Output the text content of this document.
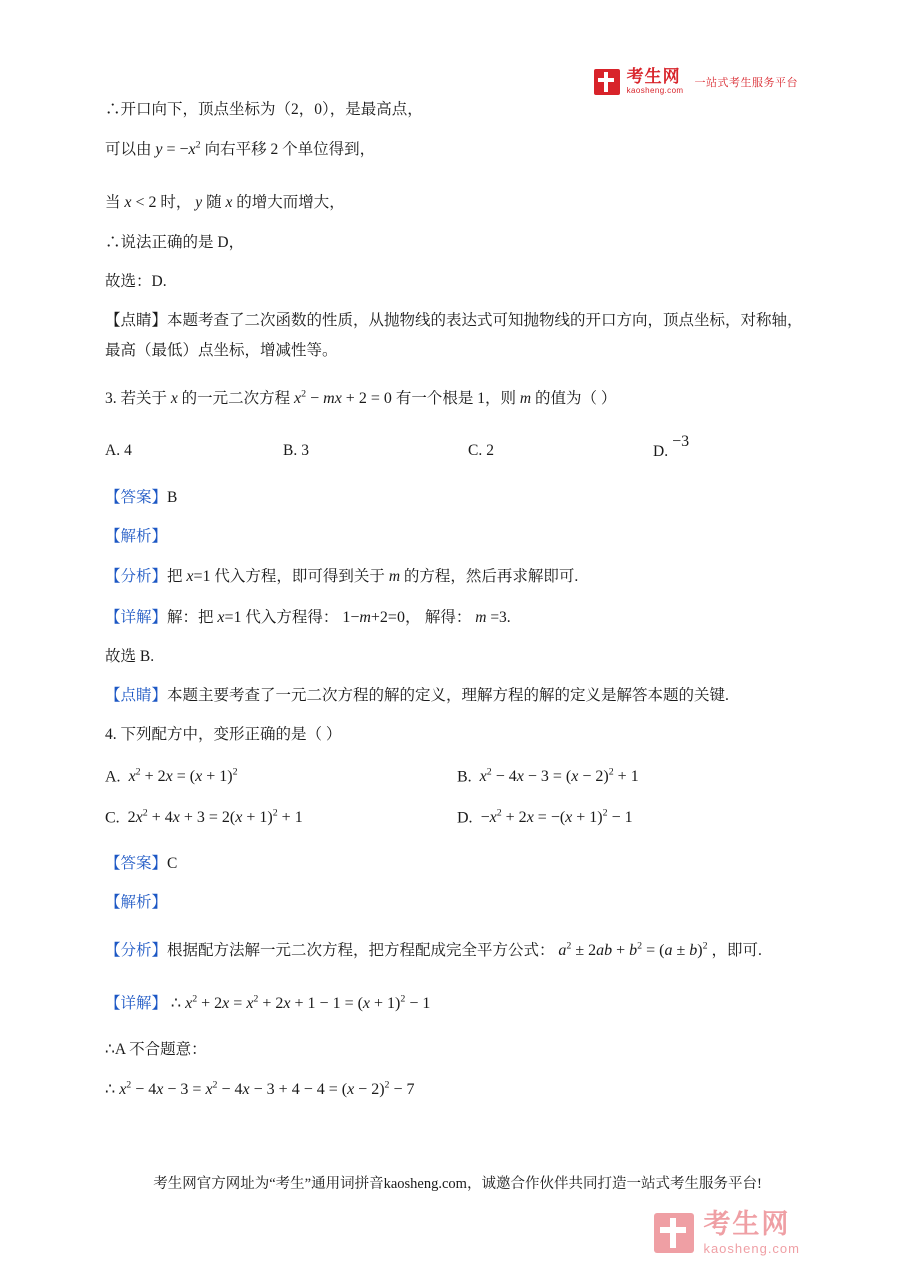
考生网
kaosheng.com
一站式考生服务平台

∴开口向下，顶点坐标为（2，0），是最高点，

可以由 $y = -x^2$ 向右平移 2 个单位得到，

当 x < 2 时， y 随 x 的增大而增大，

∴说法正确的是 D，

故选：D.

【点睛】本题考查了二次函数的性质，从抛物线的表达式可知抛物线的开口方向，顶点坐标，对称轴，最高（最低）点坐标，增减性等。

3. 若关于 x 的一元二次方程 $x^2$ − mx + 2 = 0 有一个根是 1，则 m 的值为（ ）

A. 4	B. 3	C. 2	D. −3

【答案】B

【解析】

【分析】把 x=1 代入方程，即可得到关于 m 的方程，然后再求解即可.

【详解】解：把 x=1 代入方程得： 1−m+2=0， 解得： m =3.

故选 B.

【点睛】本题主要考查了一元二次方程的解的定义，理解方程的解的定义是解答本题的关键.

4. 下列配方中，变形正确的是（ ）

A. $x^2 + 2x = (x + 1)^2$	B. $x^2 - 4x - 3 = (x - 2)^2 + 1$
C.  $2x^2 + 4x + 3 = 2(x + 1)^2 + 1$	D.  $-x^2 + 2x = -(x + 1)^2 - 1$

【答案】C

【解析】

【分析】根据配方法解一元二次方程，把方程配成完全平方公式： $a^2 \pm 2ab + b^2 = (a \pm b)^2$ ，即可.

【详解】 ∴ $x^2 + 2x = x^2 + 2x + 1 - 1 = (x + 1)^2 - 1$

∴A 不合题意：

∴ $x^2 - 4x - 3 = x^2 - 4x - 3 + 4 - 4 = (x - 2)^2 - 7$

考生网官方网址为“考生”通用词拼音kaosheng.com，诚邀合作伙伴共同打造一站式考生服务平台!
考生网
kaosheng.com
